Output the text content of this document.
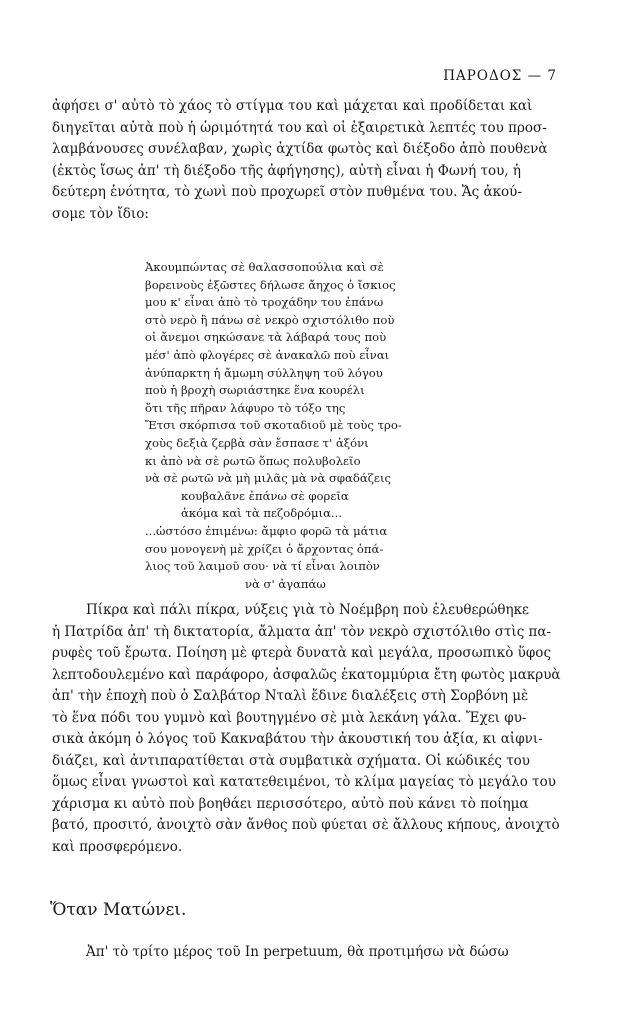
ΠΑΡΟΔΟΣ — 7

ἀφήσει σ' αὐτὸ τὸ χάος τὸ στίγμα του καὶ μάχεται καὶ προδίδεται καὶ
διηγεῖται αὐτὰ ποὺ ἡ ὡριμότητά του καὶ οἱ ἐξαιρετικὰ λεπτές του προσ-
λαμβάνουσες συνέλαβαν, χωρὶς ἀχτίδα φωτὸς καὶ διέξοδο ἀπὸ πουθενὰ
(ἐκτὸς ἴσως ἀπ' τὴ διέξοδο τῆς ἀφήγησης), αὐτὴ εἶναι ἡ Φωνή του, ἡ
δεύτερη ἑνότητα, τὸ χωνὶ ποὺ προχωρεῖ στὸν πυθμένα του. Ἄς ἀκού-
σομε τὸν ἴδιο:

Ἀκουμπώντας σὲ θαλασσοπούλια καὶ σὲ
βορεινοὺς ἐξῶστες δήλωσε ἄηχος ὁ ἴσκιος
μου κ' εἶναι ἀπὸ τὸ τροχάδην του ἐπάνω
στὸ νερὸ ἢ πάνω σὲ νεκρὸ σχιστόλιθο ποὺ
οἱ ἄνεμοι σηκώσανε τὰ λάβαρά τους ποὺ
μέσ' ἀπὸ φλογέρες σὲ ἀνακαλῶ ποὺ εἶναι
ἀνύπαρκτη ἡ ἄμωμη σύλληψη τοῦ λόγου
ποὺ ἡ βροχὴ σωριάστηκε ἕνα κουρέλι
ὅτι τῆς πῆραν λάφυρο τὸ τόξο της
Ἔτσι σκόρπισα τοῦ σκοταδιοῦ μὲ τοὺς τρο-
χοὺς δεξιὰ ζερβὰ σὰν ἔσπασε τ' ἀξόνι
κι ἀπὸ νὰ σὲ ρωτῶ ὅπως πολυβολεῖο
νὰ σὲ ρωτῶ νὰ μὴ μιλᾶς μὰ νὰ σφαδάζεις
κουβαλᾶνε ἐπάνω σὲ φορεῖα
ἀκόμα καὶ τὰ πεζοδρόμια...
...ὡστόσο ἐπιμένω: ἄμφιο φορῶ τὰ μάτια
σου μονογενὴ μὲ χρίζει ὁ ἄρχοντας ὁπά-
λιος τοῦ λαιμοῦ σου· νὰ τί εἶναι λοιπὸν
νὰ σ' ἀγαπάω

Πίκρα καὶ πάλι πίκρα, νύξεις γιὰ τὸ Νοέμβρη ποὺ ἐλευθερώθηκε
ἡ Πατρίδα ἀπ' τὴ δικτατορία, ἄλματα ἀπ' τὸν νεκρὸ σχιστόλιθο στὶς πα-
ρυφὲς τοῦ ἔρωτα. Ποίηση μὲ φτερὰ δυνατὰ καὶ μεγάλα, προσωπικὸ ὕφος
λεπτοδουλεμένο καὶ παράφορο, ἀσφαλῶς ἑκατομμύρια ἔτη φωτὸς μακρυὰ
ἀπ' τὴν ἐποχὴ ποὺ ὁ Σαλβάτορ Νταλὶ ἔδινε διαλέξεις στὴ Σορβόνη μὲ
τὸ ἕνα πόδι του γυμνὸ καὶ βουτηγμένο σὲ μιὰ λεκάνη γάλα. Ἔχει φυ-
σικὰ ἀκόμη ὁ λόγος τοῦ Κακναβάτου τὴν ἀκουστική του ἀξία, κι αἰφνι-
διάζει, καὶ ἀντιπαρατίθεται στὰ συμβατικὰ σχήματα. Οἱ κώδικές του
ὅμως εἶναι γνωστοὶ καὶ κατατεθειμένοι, τὸ κλίμα μαγείας τὸ μεγάλο του
χάρισμα κι αὐτὸ ποὺ βοηθάει περισσότερο, αὐτὸ ποὺ κάνει τὸ ποίημα
βατό, προσιτό, ἀνοιχτὸ σὰν ἄνθος ποὺ φύεται σὲ ἄλλους κήπους, ἀνοιχτὸ
καὶ προσφερόμενο.

Ὅταν Ματώνει.

Ἀπ' τὸ τρίτο μέρος τοῦ In perpetuum, θὰ προτιμήσω νὰ δώσω
